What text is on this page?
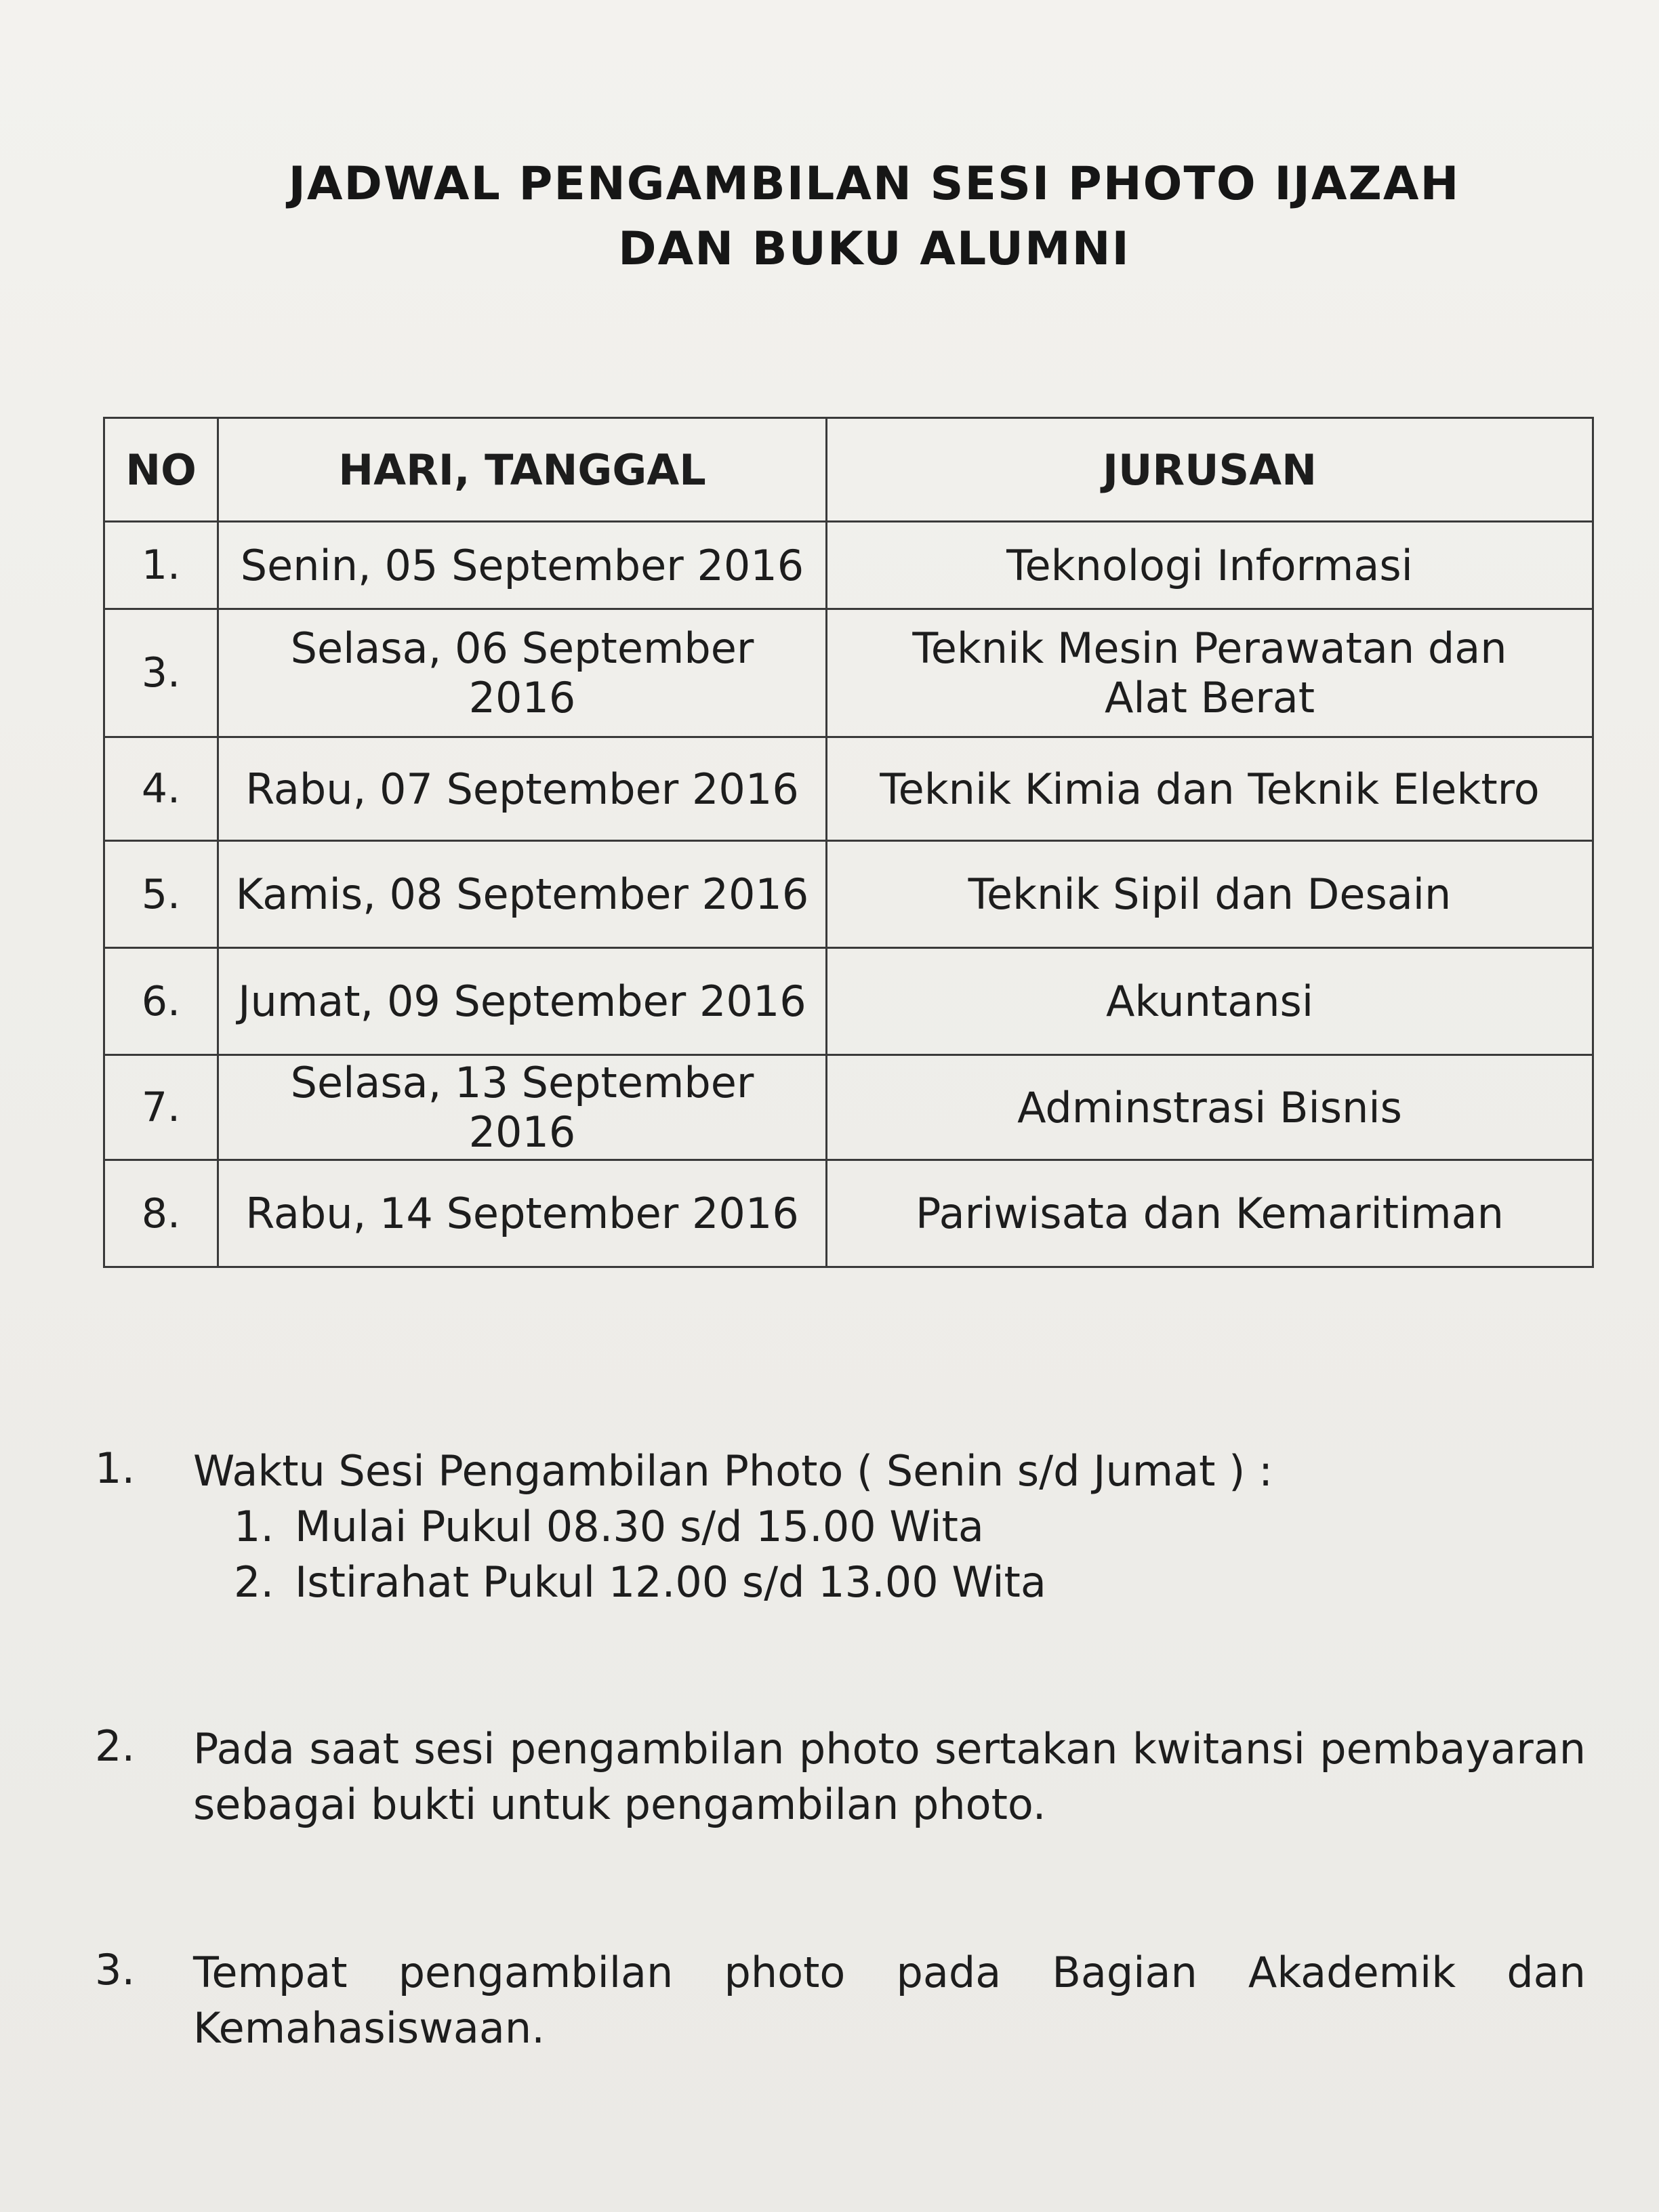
JADWAL PENGAMBILAN SESI PHOTO IJAZAH
DAN BUKU ALUMNI
NO	HARI, TANGGAL	JURUSAN
1.	Senin, 05 September 2016	Teknologi Informasi
3.	Selasa, 06 September 2016	Teknik Mesin Perawatan dan
Alat Berat

4.	Rabu, 07 September 2016	Teknik Kimia dan Teknik Elektro
5.	Kamis, 08 September 2016	Teknik Sipil dan Desain
6.	Jumat, 09 September 2016	Akuntansi
7.	Selasa, 13 September 2016	Adminstrasi Bisnis
8.	Rabu, 14 September 2016	Pariwisata dan Kemaritiman
1.	Waktu Sesi Pengambilan Photo ( Senin s/d Jumat ) :
1. Mulai Pukul 08.30 s/d 15.00 Wita
2. Istirahat Pukul 12.00 s/d 13.00 Wita
2.	Pada saat sesi pengambilan photo sertakan kwitansi pembayaran
sebagai bukti untuk pengambilan photo.
3.	Tempat pengambilan photo pada Bagian Akademik dan
Kemahasiswaan.
